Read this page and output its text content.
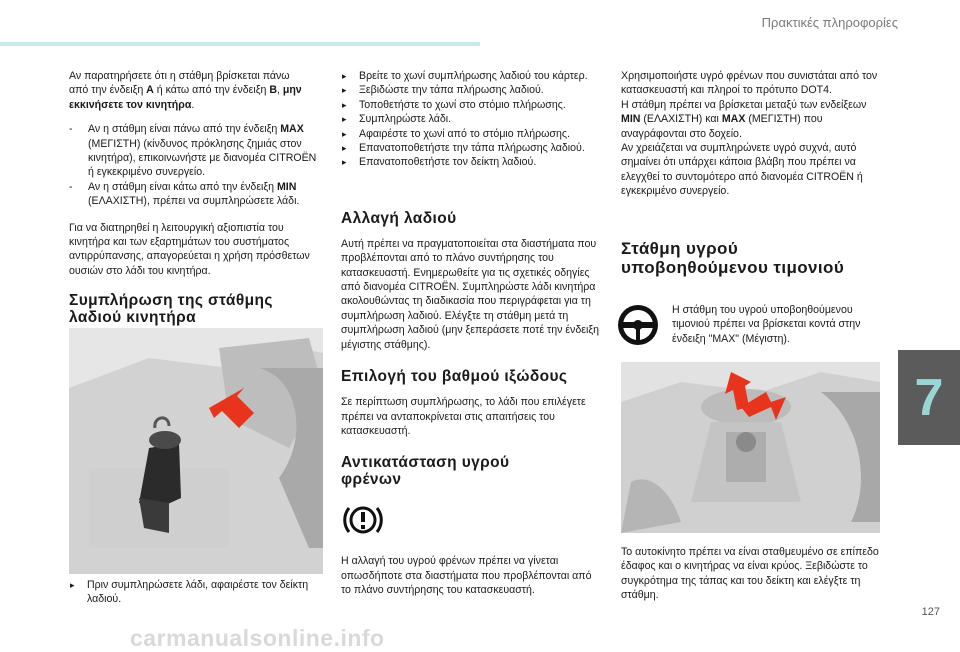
Πρακτικές πληροφορίες
7

Αν παρατηρήσετε ότι η στάθμη βρίσκεται πάνω
από την ένδειξη A ή κάτω από την ένδειξη B, μην εκκινήσετε τον κινητήρα.

- Αν η στάθμη είναι πάνω από την ένδειξη MAX (ΜΕΓΙΣΤΗ) (κίνδυνος πρόκλησης ζημιάς στον κινητήρα), επικοινωνήστε με διανομέα CITROËN ή εγκεκριμένο συνεργείο.
- Αν η στάθμη είναι κάτω από την ένδειξη MIN (ΕΛΑΧΙΣΤΗ), πρέπει να συμπληρώσετε λάδι.

Για να διατηρηθεί η λειτουργική αξιοπιστία του κινητήρα και των εξαρτημάτων του συστήματος αντιρρύπανσης, απαγορεύεται η χρήση πρόσθετων ουσιών στο λάδι του κινητήρα.

Συμπλήρωση της στάθμης λαδιού κινητήρα
▸ Πριν συμπληρώσετε λάδι, αφαιρέστε τον δείκτη λαδιού.
▸ Βρείτε το χωνί συμπλήρωσης λαδιού του κάρτερ.
▸ Ξεβιδώστε την τάπα πλήρωσης λαδιού.
▸ Τοποθετήστε το χωνί στο στόμιο πλήρωσης.
▸ Συμπληρώστε λάδι.
▸ Αφαιρέστε το χωνί από το στόμιο πλήρωσης.
▸ Επανατοποθετήστε την τάπα πλήρωσης λαδιού.
▸ Επανατοποθετήστε τον δείκτη λαδιού.
Αλλαγή λαδιού

Αυτή πρέπει να πραγματοποιείται στα διαστήματα που προβλέπονται από το πλάνο συντήρησης του κατασκευαστή. Ενημερωθείτε για τις σχετικές οδηγίες από διανομέα CITROËN. Συμπληρώστε λάδι κινητήρα ακολουθώντας τη διαδικασία που περιγράφεται για τη συμπλήρωση λαδιού. Ελέγξτε τη στάθμη μετά τη συμπλήρωση λαδιού (μην ξεπεράσετε ποτέ την ένδειξη μέγιστης στάθμης).

Επιλογή του βαθμού ιξώδους

Σε περίπτωση συμπλήρωσης, το λάδι που επιλέγετε πρέπει να ανταποκρίνεται στις απαιτήσεις του κατασκευαστή.

Αντικατάσταση υγρού φρένων

Η αλλαγή του υγρού φρένων πρέπει να γίνεται οπωσδήποτε στα διαστήματα που προβλέπονται από το πλάνο συντήρησης του κατασκευαστή.

Χρησιμοποιήστε υγρό φρένων που συνιστάται από τον κατασκευαστή και πληροί το πρότυπο DOT4.
Η στάθμη πρέπει να βρίσκεται μεταξύ των ενδείξεων MIN (ΕΛΑΧΙΣΤΗ) και MAX (ΜΕΓΙΣΤΗ) που αναγράφονται στο δοχείο.
Αν χρειάζεται να συμπληρώνετε υγρό συχνά, αυτό σημαίνει ότι υπάρχει κάποια βλάβη που πρέπει να ελεγχθεί το συντομότερο από διανομέα CITROËN ή εγκεκριμένο συνεργείο.

Στάθμη υγρού υποβοηθούμενου τιμονιού
Η στάθμη του υγρού υποβοηθούμενου τιμονιού πρέπει να βρίσκεται κοντά στην ένδειξη "MAX" (Μέγιστη).
Το αυτοκίνητο πρέπει να είναι σταθμευμένο σε επίπεδο έδαφος και ο κινητήρας να είναι κρύος. Ξεβιδώστε το συγκρότημα της τάπας και του δείκτη και ελέγξτε τη στάθμη.
127
carmanualsonline.info
